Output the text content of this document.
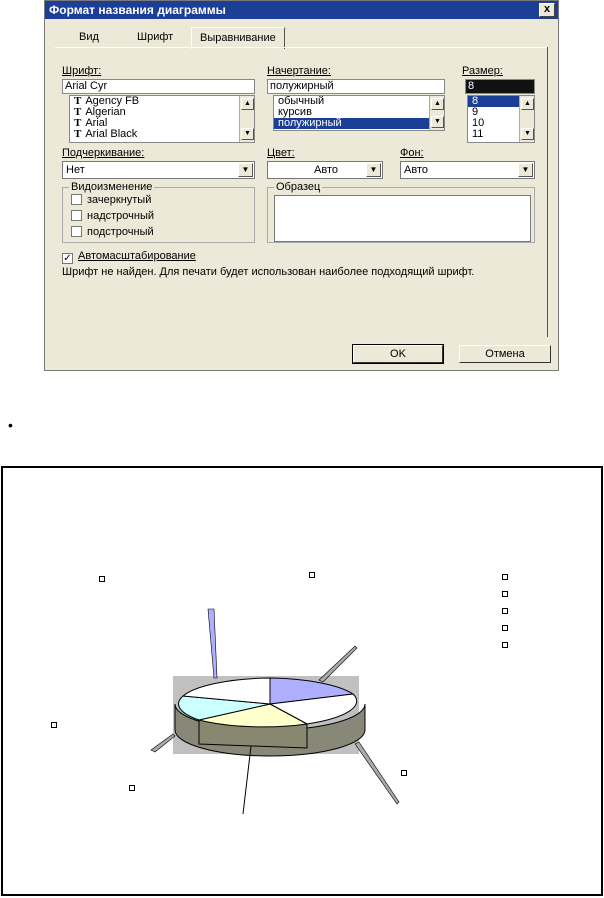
Формат названия диаграммы	x
Вид	Шрифт	Выравнивание
Шрифт:
Arial Cyr
T Agency FB
T Algerian
T Arial
T Arial Black
▲
▼
Начертание:
полужирный
обычный
курсив
полужирный
▲
▼
Размер:
8
8
9
10
11
▲
▼
Подчеркивание:
Нет	▼
Цвет:
Авто	▼
Фон:
Авто	▼
Видоизменение
зачеркнутый
надстрочный
подстрочный
Образец
✓ Автомасштабирование
Шрифт не найден. Для печати будет использован наиболее подходящий шрифт.
OK	Отмена
•
